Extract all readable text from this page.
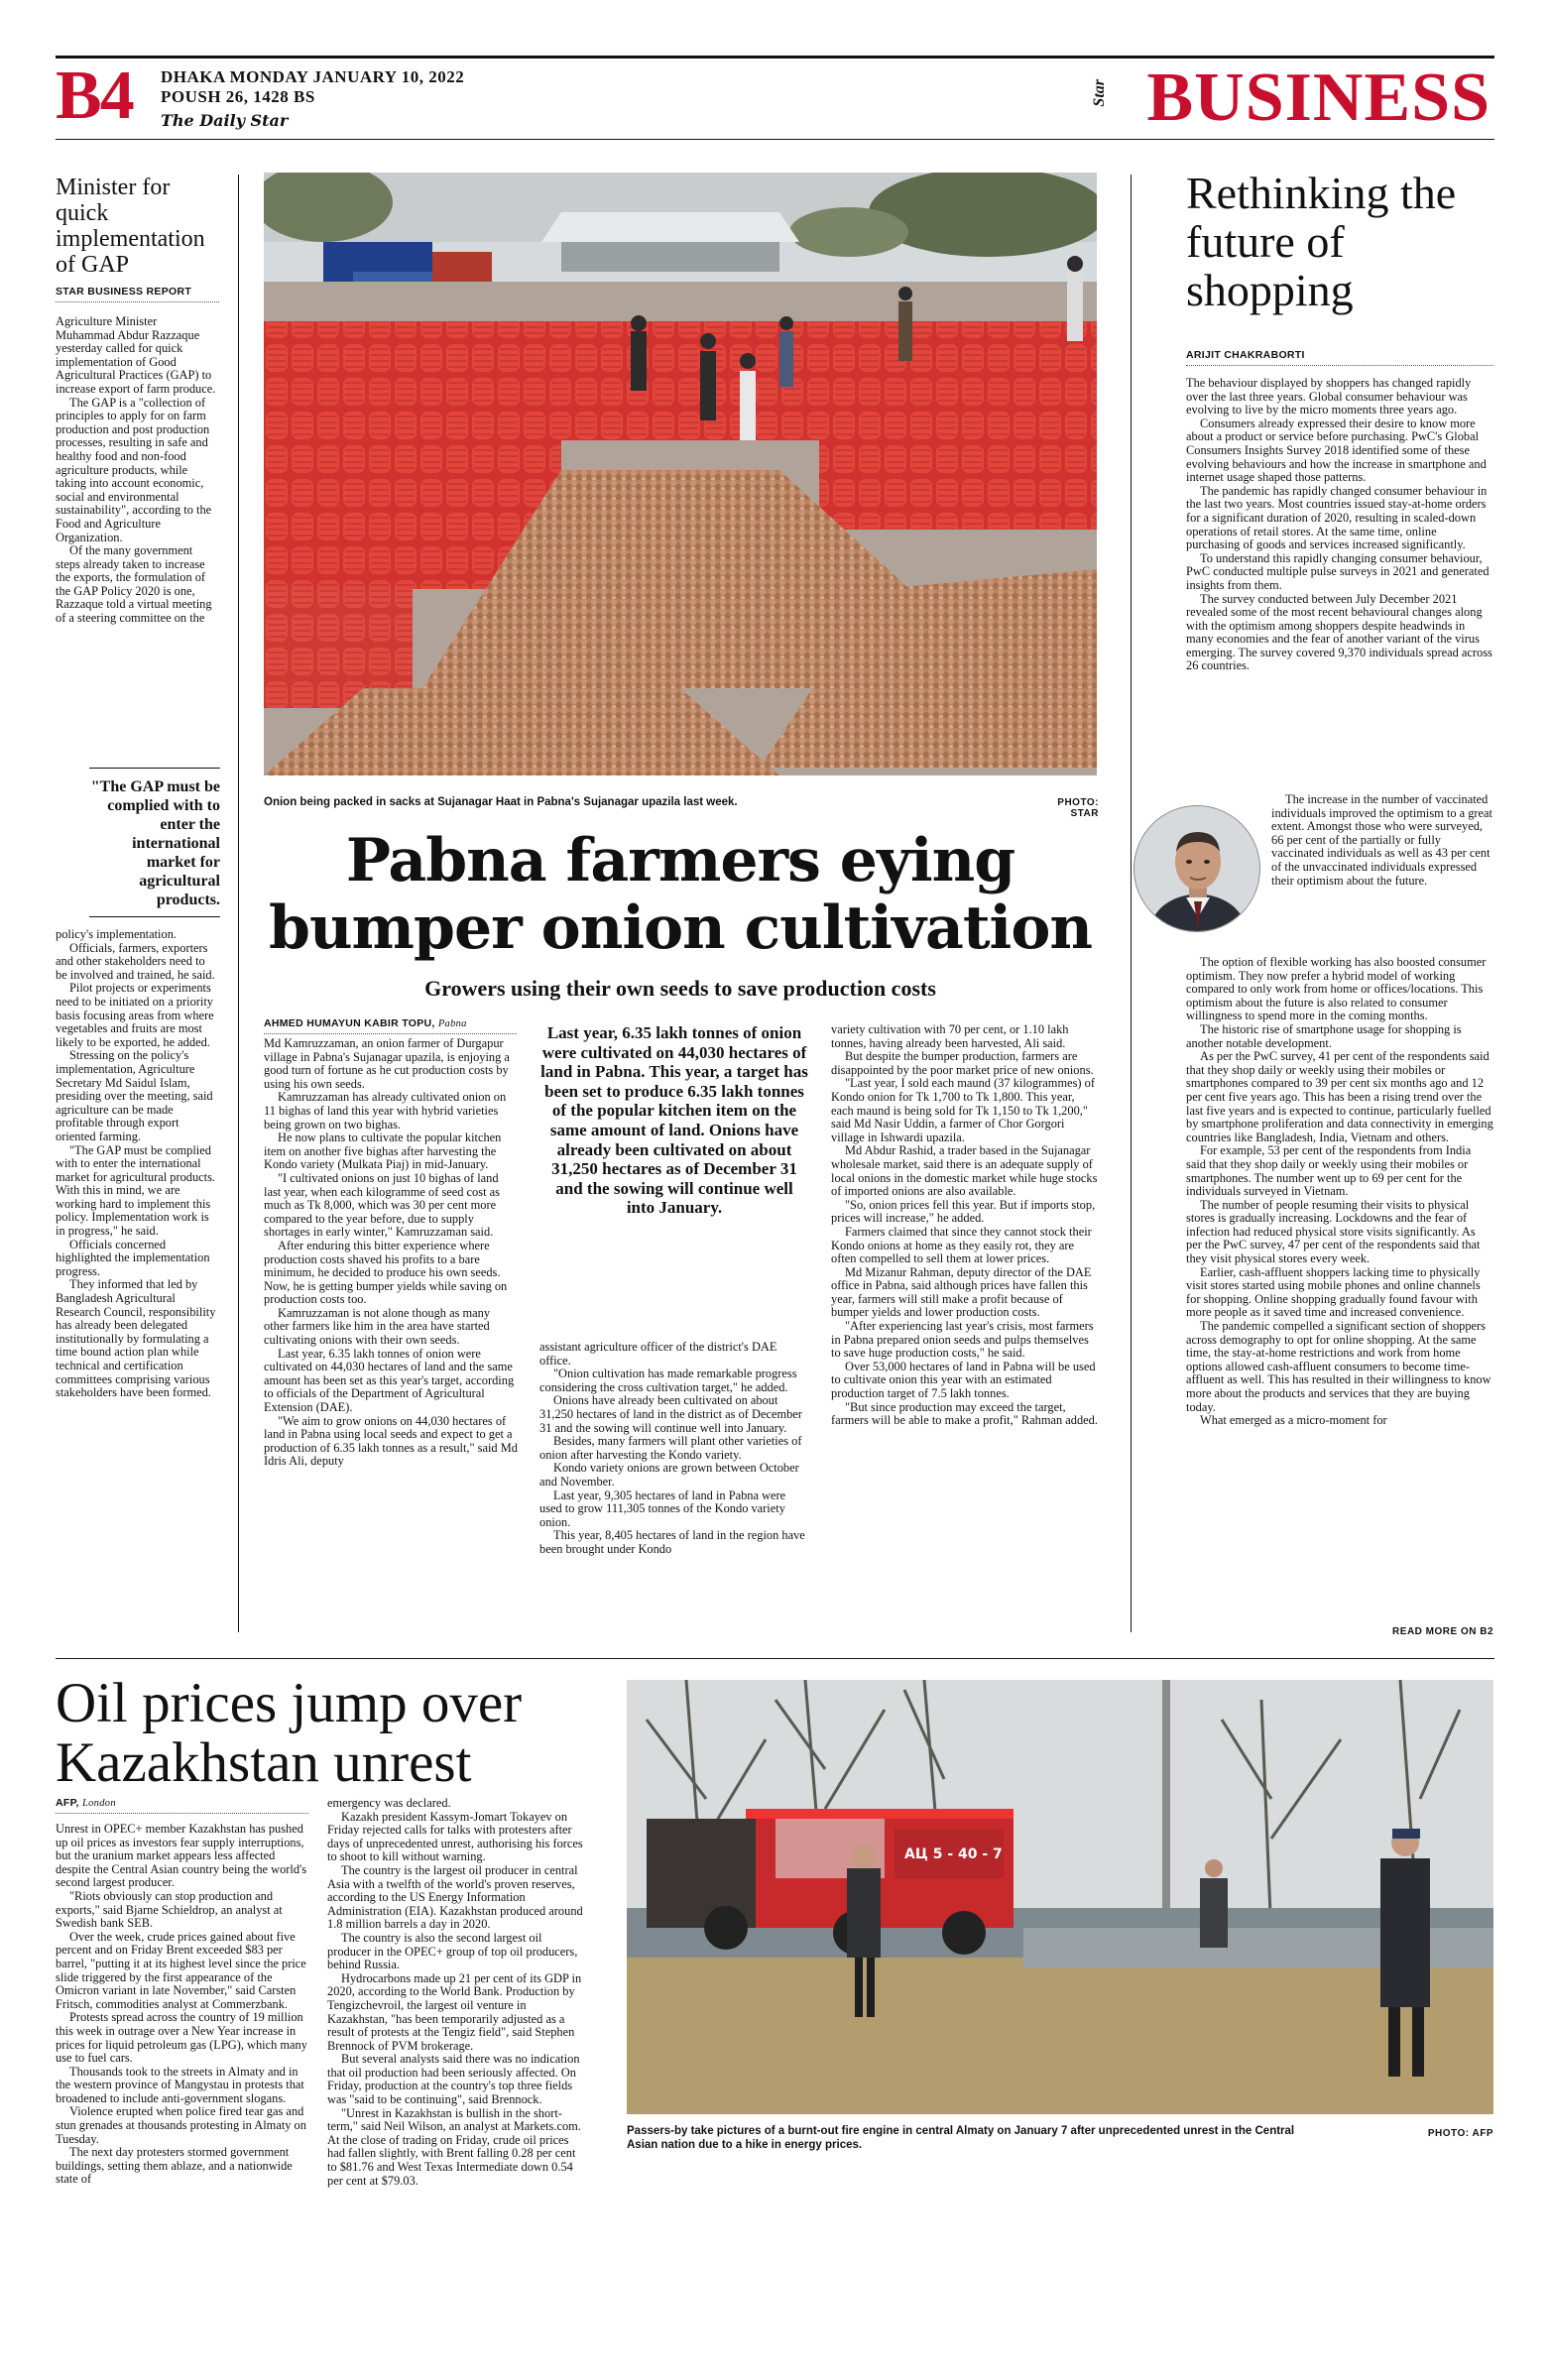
B4 DHAKA MONDAY JANUARY 10, 2022
POUSH 26, 1428 BS
The Daily Star
Star BUSINESS
Minister for quick implementation of GAP
STAR BUSINESS REPORT

Agriculture Minister Muhammad Abdur Razzaque yesterday called for quick implementation of Good Agricultural Practices (GAP) to increase export of farm produce.

The GAP is a "collection of principles to apply for on farm production and post production processes, resulting in safe and healthy food and non-food agriculture products, while taking into account economic, social and environmental sustainability", according to the Food and Agriculture Organization.

Of the many government steps already taken to increase the exports, the formulation of the GAP Policy 2020 is one, Razzaque told a virtual meeting of a steering committee on the

"The GAP must be complied with to enter the international market for agricultural products.

policy's implementation.

Officials, farmers, exporters and other stakeholders need to be involved and trained, he said.

Pilot projects or experiments need to be initiated on a priority basis focusing areas from where vegetables and fruits are most likely to be exported, he added.

Stressing on the policy's implementation, Agriculture Secretary Md Saidul Islam, presiding over the meeting, said agriculture can be made profitable through export oriented farming.

"The GAP must be complied with to enter the international market for agricultural products. With this in mind, we are working hard to implement this policy. Implementation work is in progress," he said.

Officials concerned highlighted the implementation progress.

They informed that led by Bangladesh Agricultural Research Council, responsibility has already been delegated institutionally by formulating a time bound action plan while technical and certification committees comprising various stakeholders have been formed.

Onion being packed in sacks at Sujanagar Haat in Pabna's Sujanagar upazila last week.	PHOTO: STAR
Pabna farmers eying
bumper onion cultivation
Growers using their own seeds to save production costs
AHMED HUMAYUN KABIR TOPU, Pabna

Md Kamruzzaman, an onion farmer of Durgapur village in Pabna's Sujanagar upazila, is enjoying a good turn of fortune as he cut production costs by using his own seeds.

Kamruzzaman has already cultivated onion on 11 bighas of land this year with hybrid varieties being grown on two bighas.

He now plans to cultivate the popular kitchen item on another five bighas after harvesting the Kondo variety (Mulkata Piaj) in mid-January.

"I cultivated onions on just 10 bighas of land last year, when each kilogramme of seed cost as much as Tk 8,000, which was 30 per cent more compared to the year before, due to supply shortages in early winter," Kamruzzaman said.

After enduring this bitter experience where production costs shaved his profits to a bare minimum, he decided to produce his own seeds. Now, he is getting bumper yields while saving on production costs too.

Kamruzzaman is not alone though as many other farmers like him in the area have started cultivating onions with their own seeds.

Last year, 6.35 lakh tonnes of onion were cultivated on 44,030 hectares of land and the same amount has been set as this year's target, according to officials of the Department of Agricultural Extension (DAE).

"We aim to grow onions on 44,030 hectares of land in Pabna using local seeds and expect to get a production of 6.35 lakh tonnes as a result," said Md Idris Ali, deputy

Last year, 6.35 lakh tonnes of onion were cultivated on 44,030 hectares of land in Pabna. This year, a target has been set to produce 6.35 lakh tonnes of the popular kitchen item on the same amount of land. Onions have already been cultivated on about 31,250 hectares as of December 31 and the sowing will continue well into January.

assistant agriculture officer of the district's DAE office.

"Onion cultivation has made remarkable progress considering the cross cultivation target," he added.

Onions have already been cultivated on about 31,250 hectares of land in the district as of December 31 and the sowing will continue well into January.

Besides, many farmers will plant other varieties of onion after harvesting the Kondo variety.

Kondo variety onions are grown between October and November.

Last year, 9,305 hectares of land in Pabna were used to grow 111,305 tonnes of the Kondo variety onion.

This year, 8,405 hectares of land in the region have been brought under Kondo

variety cultivation with 70 per cent, or 1.10 lakh tonnes, having already been harvested, Ali said.

But despite the bumper production, farmers are disappointed by the poor market price of new onions.

"Last year, I sold each maund (37 kilogrammes) of Kondo onion for Tk 1,700 to Tk 1,800. This year, each maund is being sold for Tk 1,150 to Tk 1,200," said Md Nasir Uddin, a farmer of Chor Gorgori village in Ishwardi upazila.

Md Abdur Rashid, a trader based in the Sujanagar wholesale market, said there is an adequate supply of local onions in the domestic market while huge stocks of imported onions are also available.

"So, onion prices fell this year. But if imports stop, prices will increase," he added.

Farmers claimed that since they cannot stock their Kondo onions at home as they easily rot, they are often compelled to sell them at lower prices.

Md Mizanur Rahman, deputy director of the DAE office in Pabna, said although prices have fallen this year, farmers will still make a profit because of bumper yields and lower production costs.

"After experiencing last year's crisis, most farmers in Pabna prepared onion seeds and pulps themselves to save huge production costs," he said.

Over 53,000 hectares of land in Pabna will be used to cultivate onion this year with an estimated production target of 7.5 lakh tonnes.

"But since production may exceed the target, farmers will be able to make a profit," Rahman added.

Rethinking the future of shopping
ARIJIT CHAKRABORTI

The behaviour displayed by shoppers has changed rapidly over the last three years. Global consumer behaviour was evolving to live by the micro moments three years ago.

Consumers already expressed their desire to know more about a product or service before purchasing. PwC's Global Consumers Insights Survey 2018 identified some of these evolving behaviours and how the increase in smartphone and internet usage shaped those patterns.

The pandemic has rapidly changed consumer behaviour in the last two years. Most countries issued stay-at-home orders for a significant duration of 2020, resulting in scaled-down operations of retail stores. At the same time, online purchasing of goods and services increased significantly.

To understand this rapidly changing consumer behaviour, PwC conducted multiple pulse surveys in 2021 and generated insights from them.

The survey conducted between July December 2021 revealed some of the most recent behavioural changes along with the optimism among shoppers despite headwinds in many economies and the fear of another variant of the virus emerging. The survey covered 9,370 individuals spread across 26 countries.

The increase in the number of vaccinated individuals improved the optimism to a great extent. Amongst those who were surveyed, 66 per cent of the partially or fully vaccinated individuals as well as 43 per cent of the unvaccinated individuals expressed their optimism about the future.

The option of flexible working has also boosted consumer optimism. They now prefer a hybrid model of working compared to only work from home or offices/locations. This optimism about the future is also related to consumer willingness to spend more in the coming months.

The historic rise of smartphone usage for shopping is another notable development.

As per the PwC survey, 41 per cent of the respondents said that they shop daily or weekly using their mobiles or smartphones compared to 39 per cent six months ago and 12 per cent five years ago. This has been a rising trend over the last five years and is expected to continue, particularly fuelled by smartphone proliferation and data connectivity in emerging countries like Bangladesh, India, Vietnam and others.

For example, 53 per cent of the respondents from India said that they shop daily or weekly using their mobiles or smartphones. The number went up to 69 per cent for the individuals surveyed in Vietnam.

The number of people resuming their visits to physical stores is gradually increasing. Lockdowns and the fear of infection had reduced physical store visits significantly. As per the PwC survey, 47 per cent of the respondents said that they visit physical stores every week.

Earlier, cash-affluent shoppers lacking time to physically visit stores started using mobile phones and online channels for shopping. Online shopping gradually found favour with more people as it saved time and increased convenience.

The pandemic compelled a significant section of shoppers across demography to opt for online shopping. At the same time, the stay-at-home restrictions and work from home options allowed cash-affluent consumers to become time-affluent as well. This has resulted in their willingness to know more about the products and services that they are buying today.

What emerged as a micro-moment for

READ MORE ON B2
Oil prices jump over
Kazakhstan unrest
AFP, London

Unrest in OPEC+ member Kazakhstan has pushed up oil prices as investors fear supply interruptions, but the uranium market appears less affected despite the Central Asian country being the world's second largest producer.

"Riots obviously can stop production and exports," said Bjarne Schieldrop, an analyst at Swedish bank SEB.

Over the week, crude prices gained about five percent and on Friday Brent exceeded $83 per barrel, "putting it at its highest level since the price slide triggered by the first appearance of the Omicron variant in late November," said Carsten Fritsch, commodities analyst at Commerzbank.

Protests spread across the country of 19 million this week in outrage over a New Year increase in prices for liquid petroleum gas (LPG), which many use to fuel cars.

Thousands took to the streets in Almaty and in the western province of Mangystau in protests that broadened to include anti-government slogans.

Violence erupted when police fired tear gas and stun grenades at thousands protesting in Almaty on Tuesday.

The next day protesters stormed government buildings, setting them ablaze, and a nationwide state of

emergency was declared.

Kazakh president Kassym-Jomart Tokayev on Friday rejected calls for talks with protesters after days of unprecedented unrest, authorising his forces to shoot to kill without warning.

The country is the largest oil producer in central Asia with a twelfth of the world's proven reserves, according to the US Energy Information Administration (EIA). Kazakhstan produced around 1.8 million barrels a day in 2020.

The country is also the second largest oil producer in the OPEC+ group of top oil producers, behind Russia.

Hydrocarbons made up 21 per cent of its GDP in 2020, according to the World Bank. Production by Tengizchevroil, the largest oil venture in Kazakhstan, "has been temporarily adjusted as a result of protests at the Tengiz field", said Stephen Brennock of PVM brokerage.

But several analysts said there was no indication that oil production had been seriously affected. On Friday, production at the country's top three fields was "said to be continuing", said Brennock.

"Unrest in Kazakhstan is bullish in the short-term," said Neil Wilson, an analyst at Markets.com. At the close of trading on Friday, crude oil prices had fallen slightly, with Brent falling 0.28 per cent to $81.76 and West Texas Intermediate down 0.54 per cent at $79.03.

АЦ 5 - 40 - 7
Passers-by take pictures of a burnt-out fire engine in central Almaty on January 7 after unprecedented unrest in the Central Asian nation due to a hike in energy prices.
PHOTO: AFP
